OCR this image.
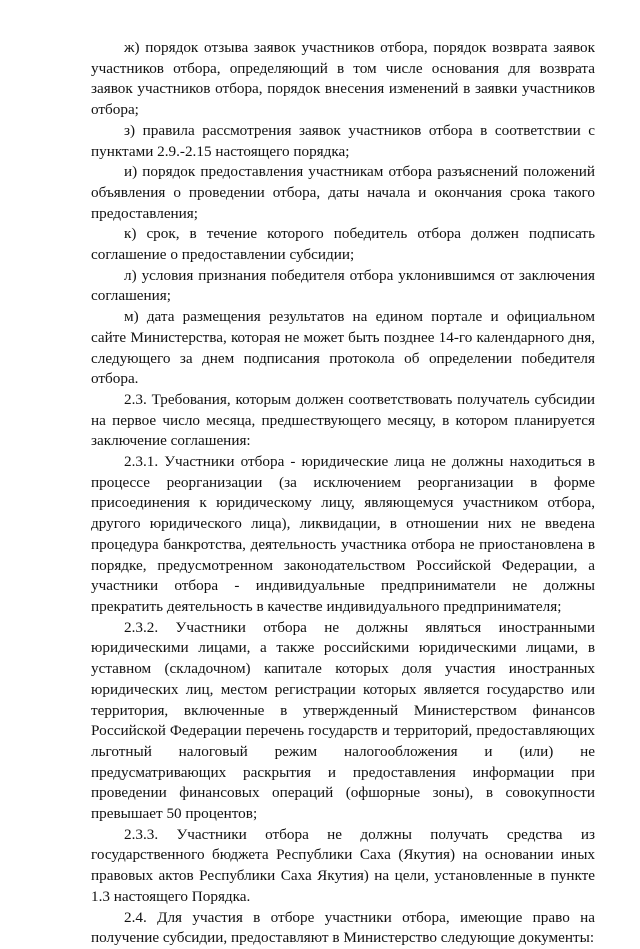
ж) порядок отзыва заявок участников отбора, порядок возврата заявок участников отбора, определяющий в том числе основания для возврата заявок участников отбора, порядок внесения изменений в заявки участников отбора;

з) правила рассмотрения заявок участников отбора в соответствии с пунктами 2.9.-2.15 настоящего порядка;

и) порядок предоставления участникам отбора разъяснений положений объявления о проведении отбора, даты начала и окончания срока такого предоставления;

к) срок, в течение которого победитель отбора должен подписать соглашение о предоставлении субсидии;

л) условия признания победителя отбора уклонившимся от заключения соглашения;

м) дата размещения результатов на едином портале и официальном сайте Министерства, которая не может быть позднее 14-го календарного дня, следующего за днем подписания протокола об определении победителя отбора.

2.3. Требования, которым должен соответствовать получатель субсидии на первое число месяца, предшествующего месяцу, в котором планируется заключение соглашения:

2.3.1. Участники отбора - юридические лица не должны находиться в процессе реорганизации (за исключением реорганизации в форме присоединения к юридическому лицу, являющемуся участником отбора, другого юридического лица), ликвидации, в отношении них не введена процедура банкротства, деятельность участника отбора не приостановлена в порядке, предусмотренном законодательством Российской Федерации, а участники отбора - индивидуальные предприниматели не должны прекратить деятельность в качестве индивидуального предпринимателя;

2.3.2. Участники отбора не должны являться иностранными юридическими лицами, а также российскими юридическими лицами, в уставном (складочном) капитале которых доля участия иностранных юридических лиц, местом регистрации которых является государство или территория, включенные в утвержденный Министерством финансов Российской Федерации перечень государств и территорий, предоставляющих льготный налоговый режим налогообложения и (или) не предусматривающих раскрытия и предоставления информации при проведении финансовых операций (офшорные зоны), в совокупности превышает 50 процентов;

2.3.3. Участники отбора не должны получать средства из государственного бюджета Республики Саха (Якутия) на основании иных правовых актов Республики Саха Якутия) на цели, установленные в пункте 1.3 настоящего Порядка.

2.4. Для участия в отборе участники отбора, имеющие право на получение субсидии, предоставляют в Министерство следующие документы:
